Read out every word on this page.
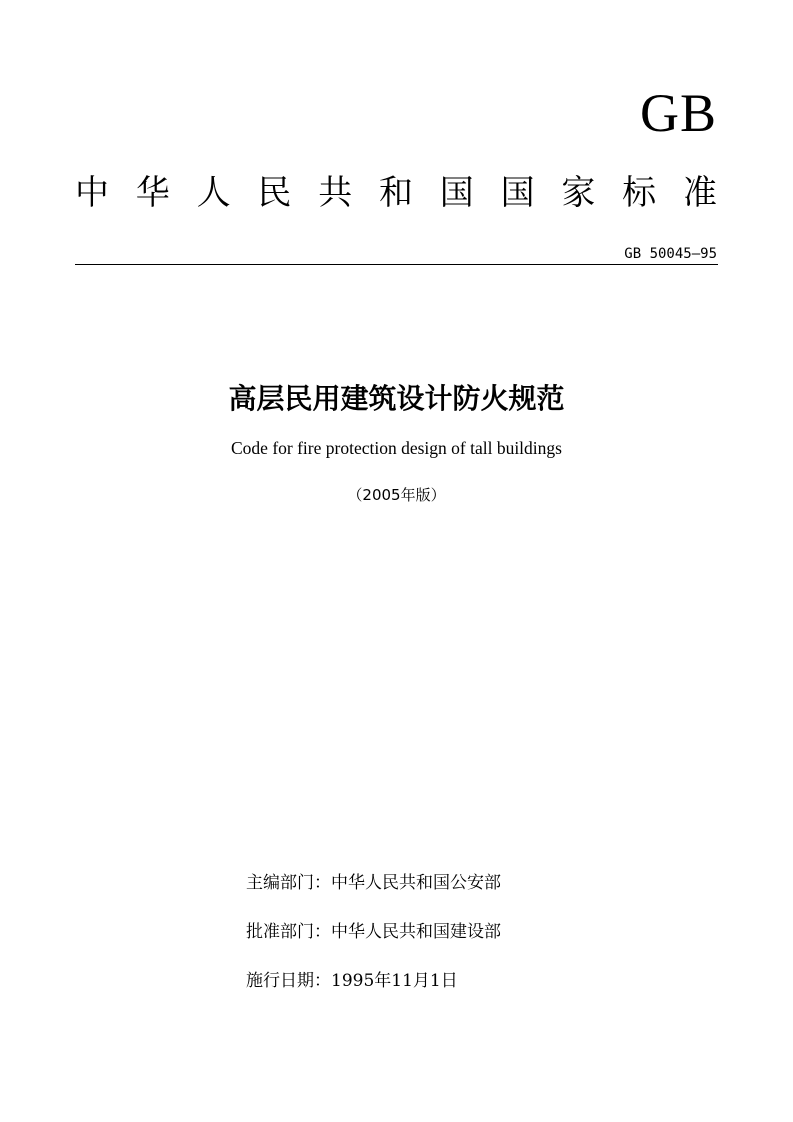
GB
中 华 人 民 共 和 国 国 家 标 准
GB 50045—95
高层民用建筑设计防火规范
Code for fire protection design of tall buildings
（2005年版）
主编部门：中华人民共和国公安部
批准部门：中华人民共和国建设部
施行日期：1995年11月1日
